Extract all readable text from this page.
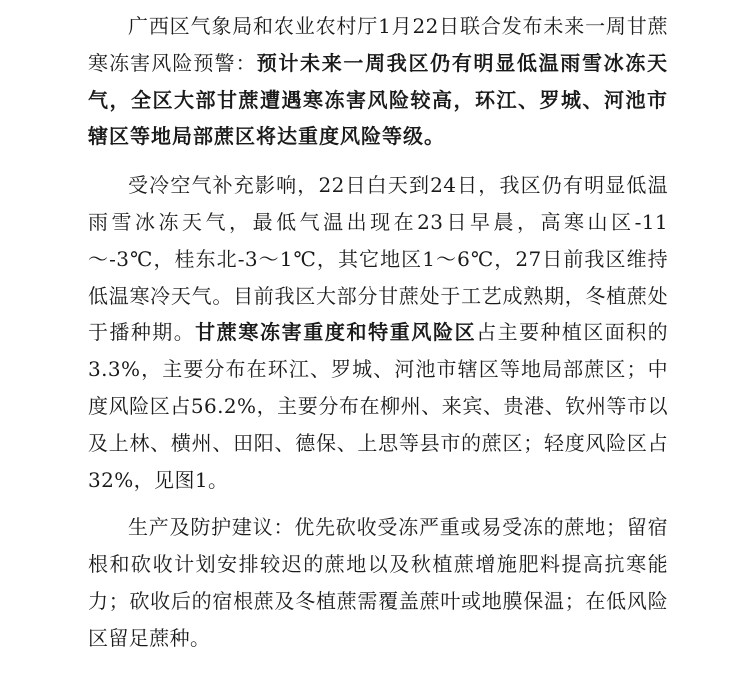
广西区气象局和农业农村厅1月22日联合发布未来一周甘蔗寒冻害风险预警：预计未来一周我区仍有明显低温雨雪冰冻天气，全区大部甘蔗遭遇寒冻害风险较高，环江、罗城、河池市辖区等地局部蔗区将达重度风险等级。

受冷空气补充影响，22日白天到24日，我区仍有明显低温雨雪冰冻天气，最低气温出现在23日早晨，高寒山区-11～-3℃，桂东北-3～1℃，其它地区1～6℃，27日前我区维持低温寒冷天气。目前我区大部分甘蔗处于工艺成熟期，冬植蔗处于播种期。甘蔗寒冻害重度和特重风险区占主要种植区面积的3.3%，主要分布在环江、罗城、河池市辖区等地局部蔗区；中度风险区占56.2%，主要分布在柳州、来宾、贵港、钦州等市以及上林、横州、田阳、德保、上思等县市的蔗区；轻度风险区占32%，见图1。

生产及防护建议：优先砍收受冻严重或易受冻的蔗地；留宿根和砍收计划安排较迟的蔗地以及秋植蔗增施肥料提高抗寒能力；砍收后的宿根蔗及冬植蔗需覆盖蔗叶或地膜保温；在低风险区留足蔗种。
